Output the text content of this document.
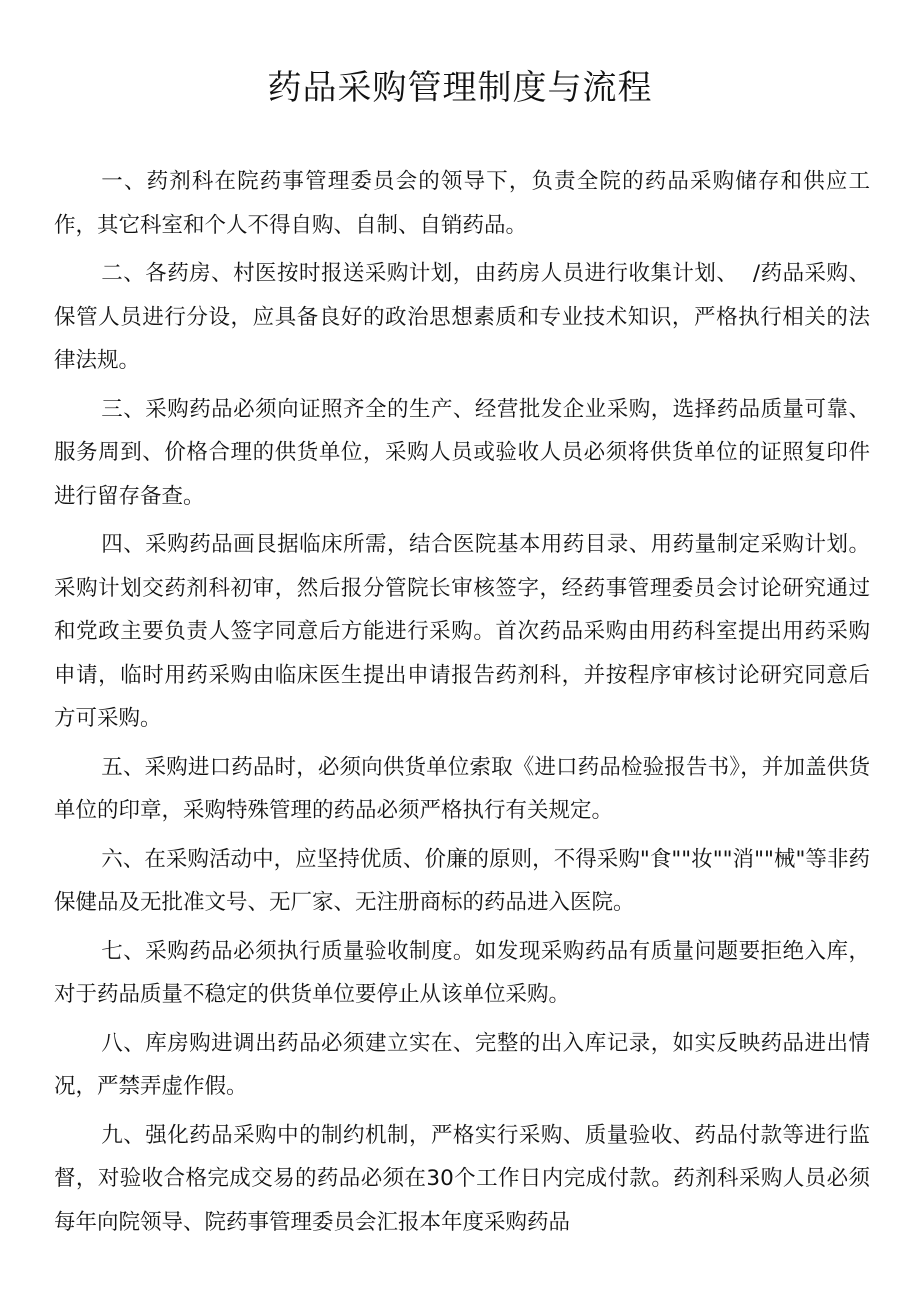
药品采购管理制度与流程

一、药剂科在院药事管理委员会的领导下，负责全院的药品采购储存和供应工作，其它科室和个人不得自购、自制、自销药品。

二、各药房、村医按时报送采购计划，由药房人员进行收集计划、  /药品采购、保管人员进行分设，应具备良好的政治思想素质和专业技术知识，严格执行相关的法律法规。

三、采购药品必须向证照齐全的生产、经营批发企业采购，选择药品质量可靠、服务周到、价格合理的供货单位，采购人员或验收人员必须将供货单位的证照复印件进行留存备查。

四、采购药品画艮据临床所需，结合医院基本用药目录、用药量制定采购计划。采购计划交药剂科初审，然后报分管院长审核签字，经药事管理委员会讨论研究通过和党政主要负责人签字同意后方能进行采购。首次药品采购由用药科室提出用药采购申请，临时用药采购由临床医生提出申请报告药剂科，并按程序审核讨论研究同意后方可采购。

五、采购进口药品时，必须向供货单位索取《进口药品检验报告书》，并加盖供货单位的印章，采购特殊管理的药品必须严格执行有关规定。

六、在采购活动中，应坚持优质、价廉的原则，不得采购"食""妆""消""械"等非药保健品及无批准文号、无厂家、无注册商标的药品进入医院。

七、采购药品必须执行质量验收制度。如发现采购药品有质量问题要拒绝入库，对于药品质量不稳定的供货单位要停止从该单位采购。

八、库房购进调出药品必须建立实在、完整的出入库记录，如实反映药品进出情况，严禁弄虚作假。

九、强化药品采购中的制约机制，严格实行采购、质量验收、药品付款等进行监督，对验收合格完成交易的药品必须在30个工作日内完成付款。药剂科采购人员必须每年向院领导、院药事管理委员会汇报本年度采购药品
